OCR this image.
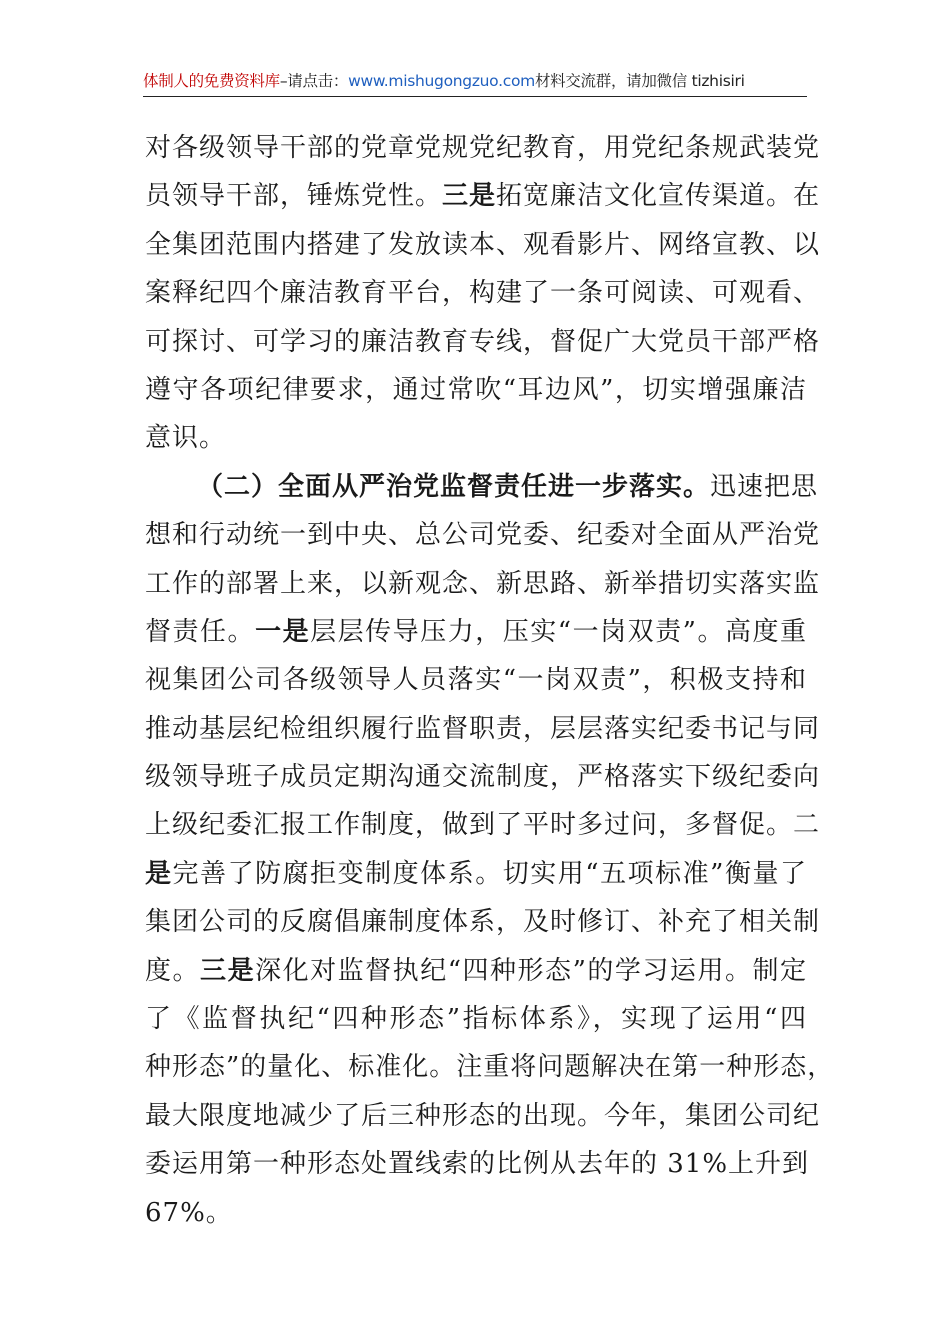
体制人的免费资料库–请点击：www.mishugongzuo.com材料交流群，请加微信 tizhisiri
对各级领导干部的党章党规党纪教育，用党纪条规武装党
员领导干部，锤炼党性。三是拓宽廉洁文化宣传渠道。在
全集团范围内搭建了发放读本、观看影片、网络宣教、以
案释纪四个廉洁教育平台，构建了一条可阅读、可观看、
可探讨、可学习的廉洁教育专线，督促广大党员干部严格
遵守各项纪律要求，通过常吹“耳边风”，切实增强廉洁
意识。
（二）全面从严治党监督责任进一步落实。迅速把思
想和行动统一到中央、总公司党委、纪委对全面从严治党
工作的部署上来，以新观念、新思路、新举措切实落实监
督责任。一是层层传导压力，压实“一岗双责”。高度重
视集团公司各级领导人员落实“一岗双责”，积极支持和
推动基层纪检组织履行监督职责，层层落实纪委书记与同
级领导班子成员定期沟通交流制度，严格落实下级纪委向
上级纪委汇报工作制度，做到了平时多过问，多督促。二
是完善了防腐拒变制度体系。切实用“五项标准”衡量了
集团公司的反腐倡廉制度体系，及时修订、补充了相关制
度。三是深化对监督执纪“四种形态”的学习运用。制定
了《监督执纪“四种形态”指标体系》，实现了运用“四
种形态”的量化、标准化。注重将问题解决在第一种形态，
最大限度地减少了后三种形态的出现。今年，集团公司纪
委运用第一种形态处置线索的比例从去年的 31%上升到
67%。
